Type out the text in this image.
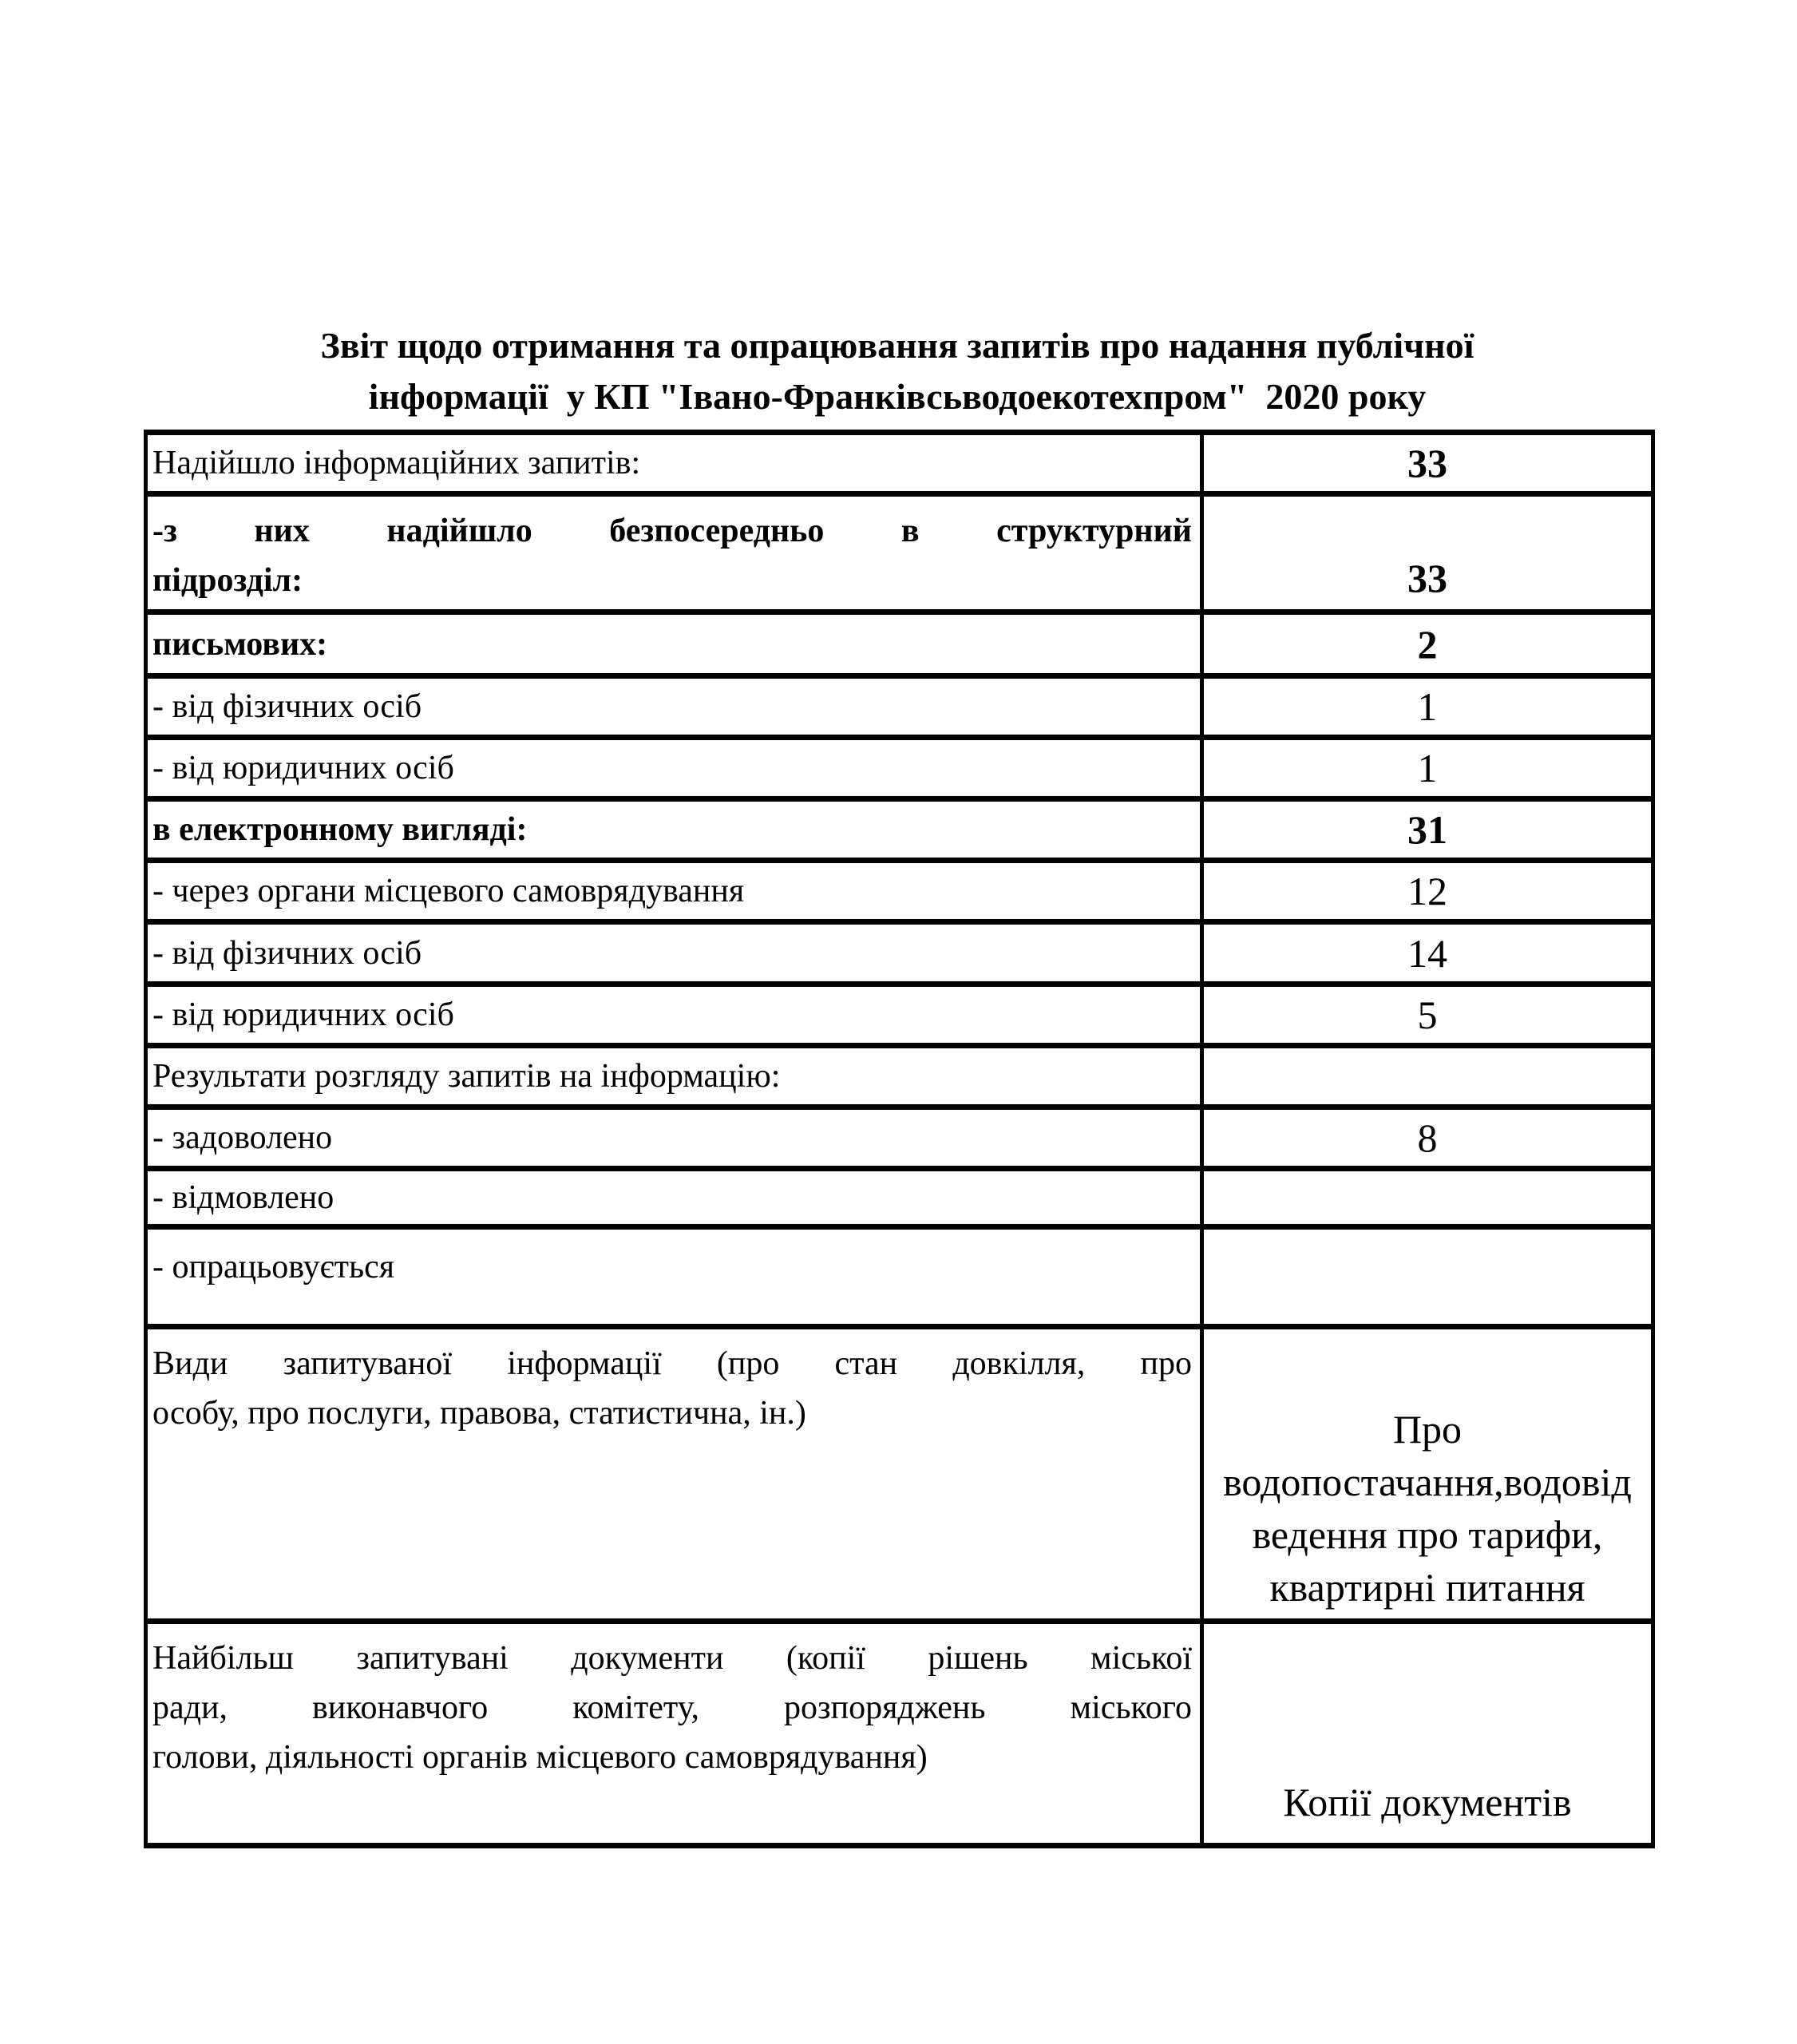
Звіт щодо отримання та опрацювання запитів про надання публічної
інформації  у КП "Івано-Франківсьводоекотехпром"  2020 року
Надійшло інформаційних запитів:	33

-з них надійшло безпосередньо в структурний
підрозділ:	33
письмових:	2
- від фізичних осіб	1
- від юридичних осіб	1
в електронному вигляді:	31
- через органи місцевого самоврядування	12
- від фізичних осіб	14
- від юридичних осіб	5
Результати розгляду запитів на інформацію:	
- задоволено	8
- відмовлено	
- опрацьовується	

Види запитуваної інформації (про стан довкілля, про
особу, про послуги, правова, статистична, ін.)	Про водопостачання,водовід ведення про тарифи, квартирні питання

Найбільш запитувані документи (копії рішень міської
ради, виконавчого комітету, розпоряджень міського
голови, діяльності органів місцевого самоврядування)	Копії документів
